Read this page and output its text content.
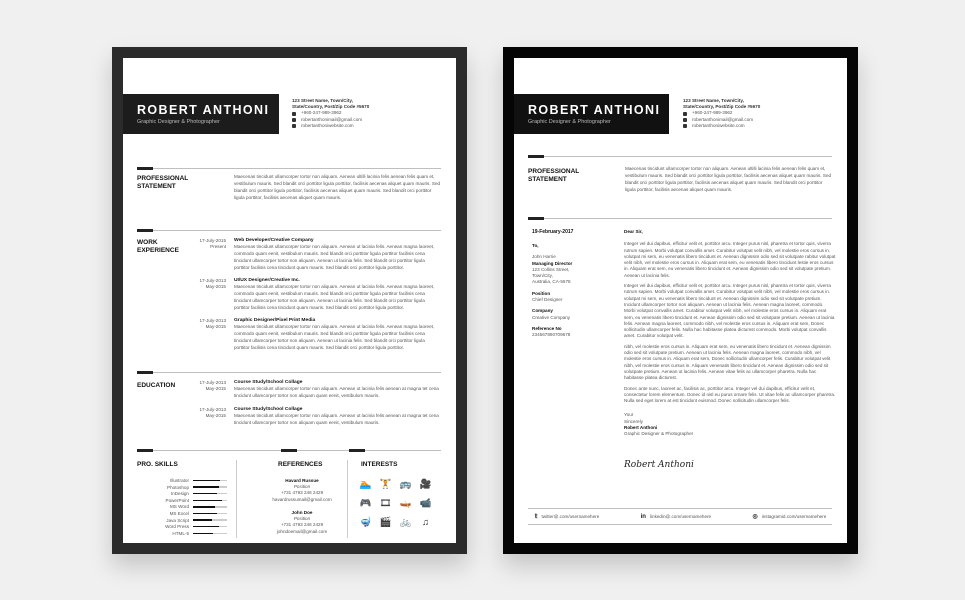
ROBERT ANTHONI
Graphic Designer & Photographer
123 Street Name, Town/City,
State/Country, Post/Zip Code #5670
+960-247-989-3962
robertanthonimail@gmail.com
robertanthoniwebsite.com
PROFESSIONAL
STATEMENT
Maecenas tincidunt ullamcorper tortor non aliquam. Aenean ultilli lacinia felis aenean felis quam et, vestibulum mauris. Sed blandit orci porttitor ligula porttitor, facilisis aecenas aliquet quam mauris. Sed blandit orci porttitor ligula porttitor, facilisis aecenas aliquet quam mauris. Sed blandit orci porttitor ligula porttitor, facilisis aecenas aliquet quam mauris.
WORK
EXPERIENCE
17-July-2015
Present
Web Developer/Creative Company
Maecenas tincidunt ullamcorper tortor non aliquam. Aenean ut lacinia felis. Aenean magna laoreet, commodo quam eenit, vestibulum mauris. Sed blandit orci porttitor ligula porttitor facilisis cena tincidunt ullamcorper tortor non aliquam. Aenean ut lacinia felis. Sed blandit orci porttitor ligula porttitor facilisis cena tincidunt quam mauris. Sed blandit orci porttitor ligula porttitor.
17-July-2013
May-2015
UI/UX Designer/Creative Inc.
Maecenas tincidunt ullamcorper tortor non aliquam. Aenean ut lacinia felis. Aenean magna laoreet, commodo quam eenit, vestibulum mauris. Sed blandit orci porttitor ligula porttitor facilisis cena tincidunt ullamcorper tortor non aliquam. Aenean ut lacinia felis. Sed blandit orci porttitor ligula porttitor facilisis cena tincidunt quam mauris. Sed blandit orci porttitor ligula porttitor.
17-July-2013
May-2015
Graphic Designer/Pixel Print Media
Maecenas tincidunt ullamcorper tortor non aliquam. Aenean ut lacinia felis. Aenean magna laoreet, commodo quam eenit, vestibulum mauris. Sed blandit orci porttitor ligula porttitor facilisis cena tincidunt ullamcorper tortor non aliquam. Aenean ut lacinia felis. Sed blandit orci porttitor ligula porttitor facilisis cena tincidunt quam mauris. Sed blandit orci porttitor ligula porttitor.
EDUCATION	17-July-2013
May-2015
Course Study/School Collage
Maecenas tincidunt ullamcorper tortor non aliquam. Aenean ut lacinia felis aenean at magna tet cena tincidunt ullamcorper tortor non aliquam quam eenit, vestibulum mauris.
17-July-2013
May-2015
Course Study/School Collage
Maecenas tincidunt ullamcorper tortor non aliquam. Aenean ut lacinia felis aenean at magna tet cena tincidunt ullamcorper tortor non aliquam quam eenit, vestibulum mauris.
PRO. SKILLS	REFERENCES	INTERESTS
Illustrator
Photoshop
InDesign
PowerPoint
MS Word
MS Excel
Java Script
Word Press
HTML-5
Havard Russue
Position
+731 4793 246 2429
havardrussumail@gmail.com
John Doe
Position
+731 4793 246 2429
johndoemail@gmail.com
🏊 🏋 🚌 🎥
🎮 🎞 🛶 📹
🤿 🎬 🚲	♫
ROBERT ANTHONI
Graphic Designer & Photographer
123 Street Name, Town/City,
State/Country, Post/Zip Code #5670
+960-247-989-3962
robertanthonimail@gmail.com
robertanthoniwebsite.com
PROFESSIONAL
STATEMENT
Maecenas tincidunt ullamcorper tortor non aliquam. Aenean ultilli lacinia felis aenean felis quam et, vestibulum mauris. Sed blandit orci porttitor ligula porttitor, facilisis aecenas aliquet quam mauris. Sed blandit orci porttitor ligula porttitor, facilisis aecenas aliquet quam mauris. Sed blandit orci porttitor ligula porttitor, facilisis aecenas aliquet quam mauris.
19-February-2017
To,
John Harrie
Managing Director
123 Collins Street,
Town/City,
Australia, CA-5678
Position
Chief Designer
Company
Creative Company
Reference No
234567890709678
Dear Sir,

Integer vel dui dapibus, efficitur velit et, porttitor arcu. Integer purus nisl, pharetra et tortor quis, viverra rutrum sapien. Morbi volutpat convallis amet. Curabitur volutpat velit nibh, vel molestie eros cursus in. volutpat mi sem, eu venenatis libero tincidunt et. Aenean dignissim odio sed sit volutpate rabitur volutpat velit nibh, vel molestie eros cursus in. Aliquam erat sem, eu venenatis libero tincidunt lestie eros cursus in. Aliquam erat sem, eu venenatis libero tincidunt et. Aenean dignissim odio sed sit volutpate pretium. Aenean ut lacinia felis.

Integer vel dui dapibus, efficitur velit et, porttitor arcu. Integer purus nisl, pharetra et tortor quis, viverra rutrum sapien. Morbi volutpat convallis amet. Curabitur volutpat velit nibh, vel molestie eros cursus in. volutpat mi sem, eu venenatis libero tincidunt et. Aenean dignissim odio sed sit volutpate pretium. Incidunt ullamcorper tortor non aliquam. Aenean ut lacinia felis. Aenean magna laoreet, commodo. Morbi volutpat convallis amet. Curabitur volutpat velit nibh, vel molestie eros cursus in. Aliquam erat sem, eu venenatis libero tincidunt et. Aenean dignissim odio sed sit volutpate pretium. Aenean ut lacinia felis. Aenean magna laoreet, commodo nibh, vel molestie eros cursus in. Aliquam erat sem, Donec sollicitudin ullamcorper felis. Nulla hac habitasse platea dictumst commodo. Morbi volutpat convallis amet. Curabitur volutpat velit.

nibh, vel molestie eros cursus in. Aliquam erat sem, eu venenatis libero tincidunt et. Aenean dignissim odio sed sit volutpate pretium. Aenean ut lacinia felis. Aenean magna laoreet, commodo nibh, vel molestie eros cursus in. Aliquam erat sem, Donec sollicitudin ullamcorper felis. Curabitur volutpat velit nibh, vel molestie eros cursus in. Aliquam venenatis libero tincidunt et. Aenean dignissim odio sed sit volutpate pretium. Aenean ut lacinia felis. Aenean vitae felis ac ullamcorper pharetra. Nulla hac habitasse platea dictumst.

Donec ante nunc, laoreet ac, facilisis ac, porttitor arcu. Integer vel dui dapibus, efficitur velit et, consectetur lorem elementum. Donec id nisl eu purus ornare felis. Ut vitae felis ac ullamcorper pharetra. Nulla sed eget lorem at est tincidunt euismod. Donec sollicitudin ullamcorper felis.

Your
Sincerely
Robert Anthoni
Graphic Designer & Photographer
Robert Anthoni
𝕥 twitter@.com/usernamehere	in linkedin@.com/usernamehere	◎ instagramid.com/usernamehere
